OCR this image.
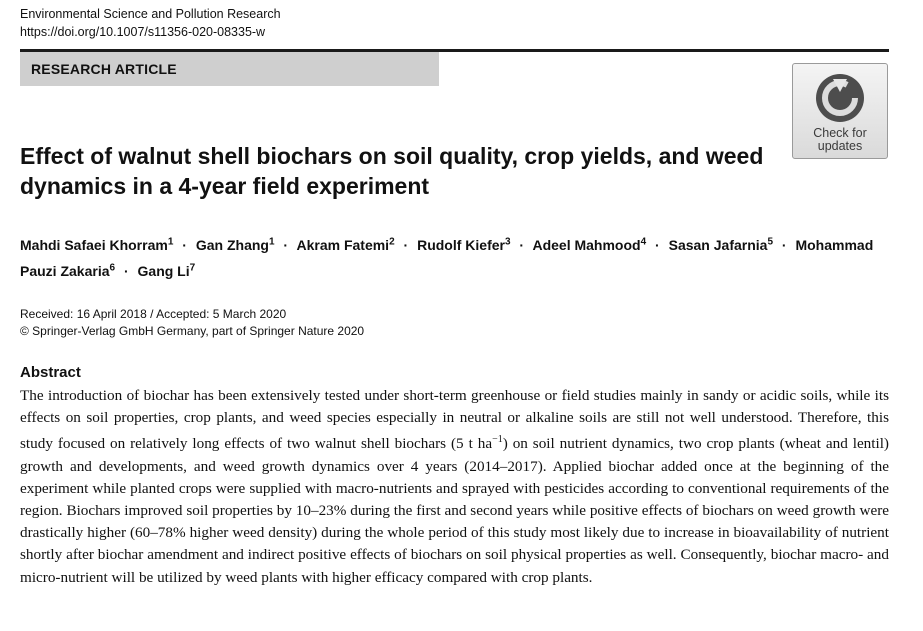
Environmental Science and Pollution Research
https://doi.org/10.1007/s11356-020-08335-w
RESEARCH ARTICLE
Check for
updates
Effect of walnut shell biochars on soil quality, crop yields, and weed dynamics in a 4-year field experiment
Mahdi Safaei Khorram$^1$ · Gan Zhang$^1$ · Akram Fatemi$^2$ · Rudolf Kiefer$^3$ · Adeel Mahmood$^4$ · Sasan Jafarnia$^5$ · Mohammad Pauzi Zakaria$^6$ · Gang Li$^7$
Received: 16 April 2018 / Accepted: 5 March 2020
© Springer-Verlag GmbH Germany, part of Springer Nature 2020
Abstract

The introduction of biochar has been extensively tested under short-term greenhouse or field studies mainly in sandy or acidic soils, while its effects on soil properties, crop plants, and weed species especially in neutral or alkaline soils are still not well understood. Therefore, this study focused on relatively long effects of two walnut shell biochars (5 t $ha^{-1}$) on soil nutrient dynamics, two crop plants (wheat and lentil) growth and developments, and weed growth dynamics over 4 years (2014–2017). Applied biochar added once at the beginning of the experiment while planted crops were supplied with macro-nutrients and sprayed with pesticides according to conventional requirements of the region. Biochars improved soil properties by 10–23% during the first and second years while positive effects of biochars on weed growth were drastically higher (60–78% higher weed density) during the whole period of this study most likely due to increase in bioavailability of nutrient shortly after biochar amendment and indirect positive effects of biochars on soil physical properties as well. Consequently, biochar macro- and micro-nutrient will be utilized by weed plants with higher efficacy compared with crop plants.
